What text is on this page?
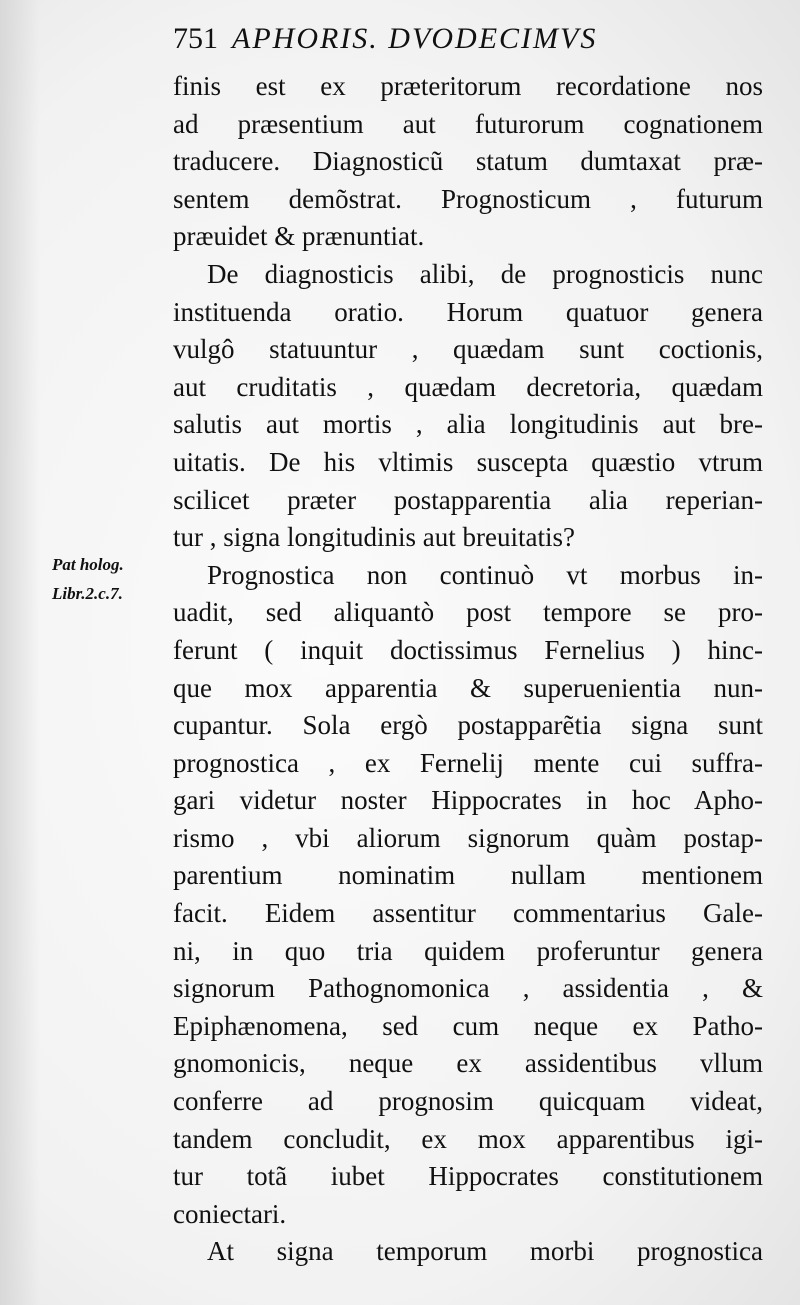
751 APHORIS. DVODECIMVS
Pat holog.
Libr.2.c.7.
finis est ex præteritorum recordatione nos
ad præsentium aut futurorum cognationem
traducere. Diagnosticũ statum dumtaxat præ-
sentem demõstrat. Prognosticum , futurum
præuidet & prænuntiat.
De diagnosticis alibi, de prognosticis nunc
instituenda oratio. Horum quatuor genera
vulgô statuuntur , quædam sunt coctionis,
aut cruditatis , quædam decretoria, quædam
salutis aut mortis , alia longitudinis aut bre-
uitatis. De his vltimis suscepta quæstio vtrum
scilicet præter postapparentia alia reperian-
tur , signa longitudinis aut breuitatis?
Prognostica non continuò vt morbus in-
uadit, sed aliquantò post tempore se pro-
ferunt ( inquit doctissimus Fernelius ) hinc-
que mox apparentia & superuenientia nun-
cupantur. Sola ergò postapparẽtia signa sunt
prognostica , ex Fernelij mente cui suffra-
gari videtur noster Hippocrates in hoc Apho-
rismo , vbi aliorum signorum quàm postap-
parentium nominatim nullam mentionem
facit. Eidem assentitur commentarius Gale-
ni, in quo tria quidem proferuntur genera
signorum Pathognomonica , assidentia , &
Epiphænomena, sed cum neque ex Patho-
gnomonicis, neque ex assidentibus vllum
conferre ad prognosim quicquam videat,
tandem concludit, ex mox apparentibus igi-
tur totã iubet Hippocrates constitutionem
coniectari.
At signa temporum morbi prognostica
